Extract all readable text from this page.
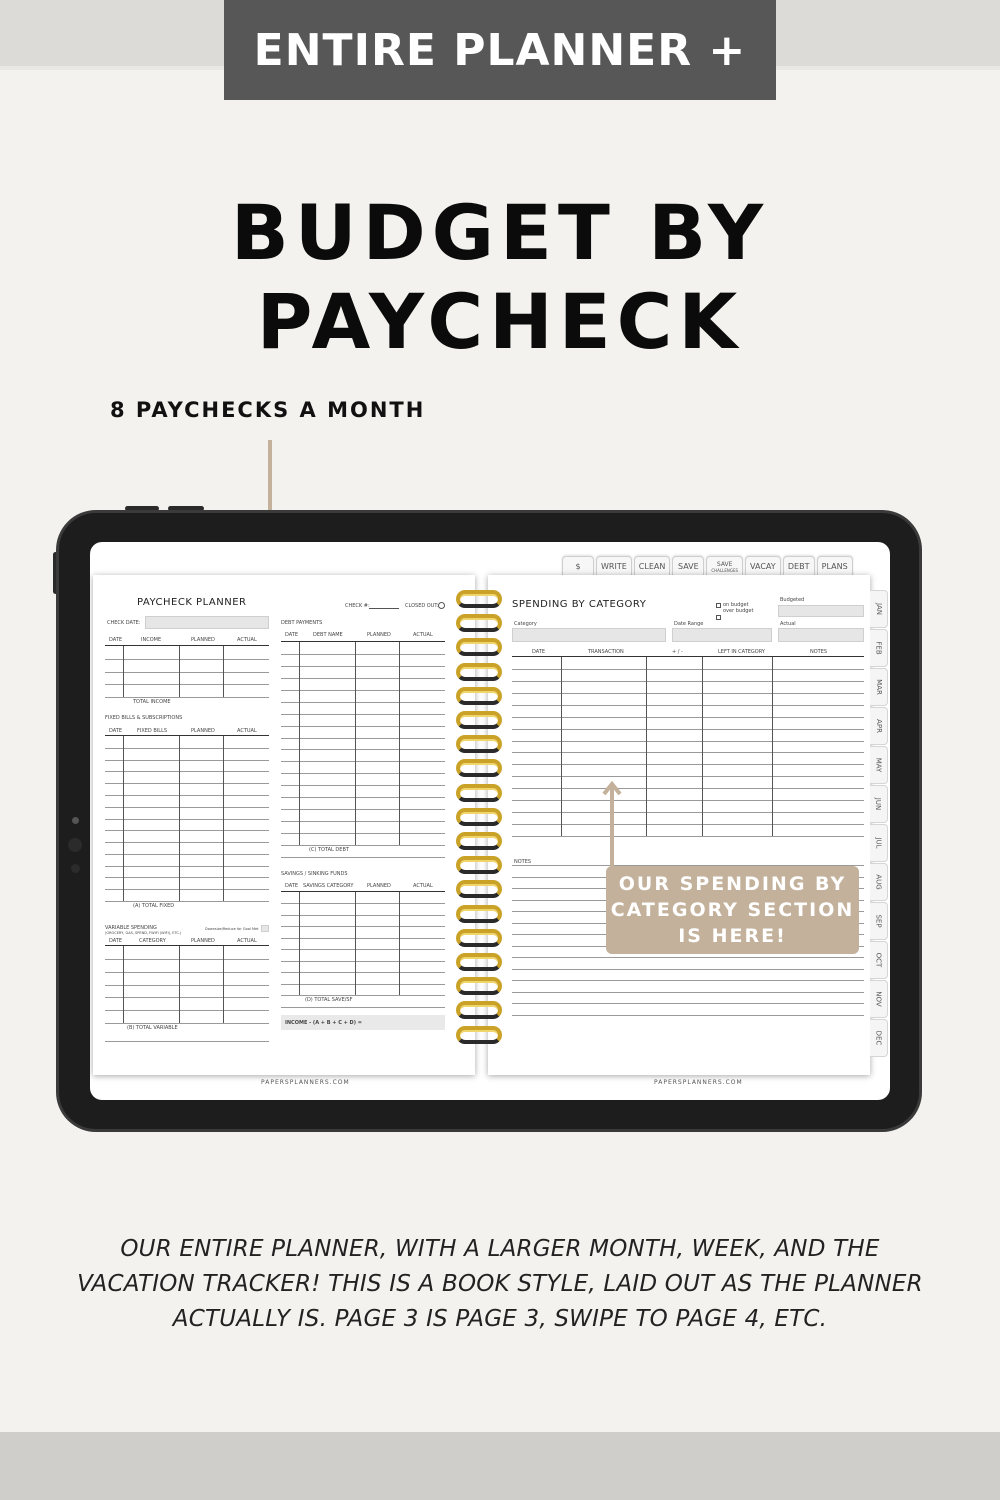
ENTIRE PLANNER +
BUDGET BY PAYCHECK
8 PAYCHECKS A MONTH
$	WRITE CLEAN SAVE	SAVE
CHALLENGES VACAY DEBT PLANS
PAYCHECK PLANNER
CHECK DATE:
CHECK #:	CLOSED OUT:
DATE	INCOME	PLANNED	ACTUAL
TOTAL INCOME
FIXED BILLS & SUBSCRIPTIONS
DATE	FIXED BILLS	PLANNED	ACTUAL
(A) TOTAL FIXED
VARIABLE SPENDING
(GROCERY, GAS, SPEND, FWIFI (WIFI), ETC.)
Downsize/Reduce for Goal Met
DATE	CATEGORY	PLANNED	ACTUAL
(B) TOTAL VARIABLE
DEBT PAYMENTS
DATE	DEBT NAME	PLANNED	ACTUAL
(C) TOTAL DEBT
SAVINGS / SINKING FUNDS
DATE SAVINGS CATEGORY	PLANNED	ACTUAL
(D) TOTAL SAVE/SF
INCOME - (A + B + C + D) =
PAPERSPLANNERS.COM
SPENDING BY CATEGORY	on budget
over budget
Budgeted
Category	Date Range	Actual
DATE	TRANSACTION	+ / -	LEFT IN CATEGORY	NOTES
NOTES
PAPERSPLANNERS.COM
JAN
FEB
MAR
APR
MAY
JUN
JUL
AUG
SEP
OCT
NOV
DEC
OUR SPENDING BY
CATEGORY SECTION
IS HERE!
OUR ENTIRE PLANNER, WITH A LARGER MONTH, WEEK, AND THE
VACATION TRACKER! THIS IS A BOOK STYLE, LAID OUT AS THE PLANNER
ACTUALLY IS. PAGE 3 IS PAGE 3, SWIPE TO PAGE 4, ETC.
